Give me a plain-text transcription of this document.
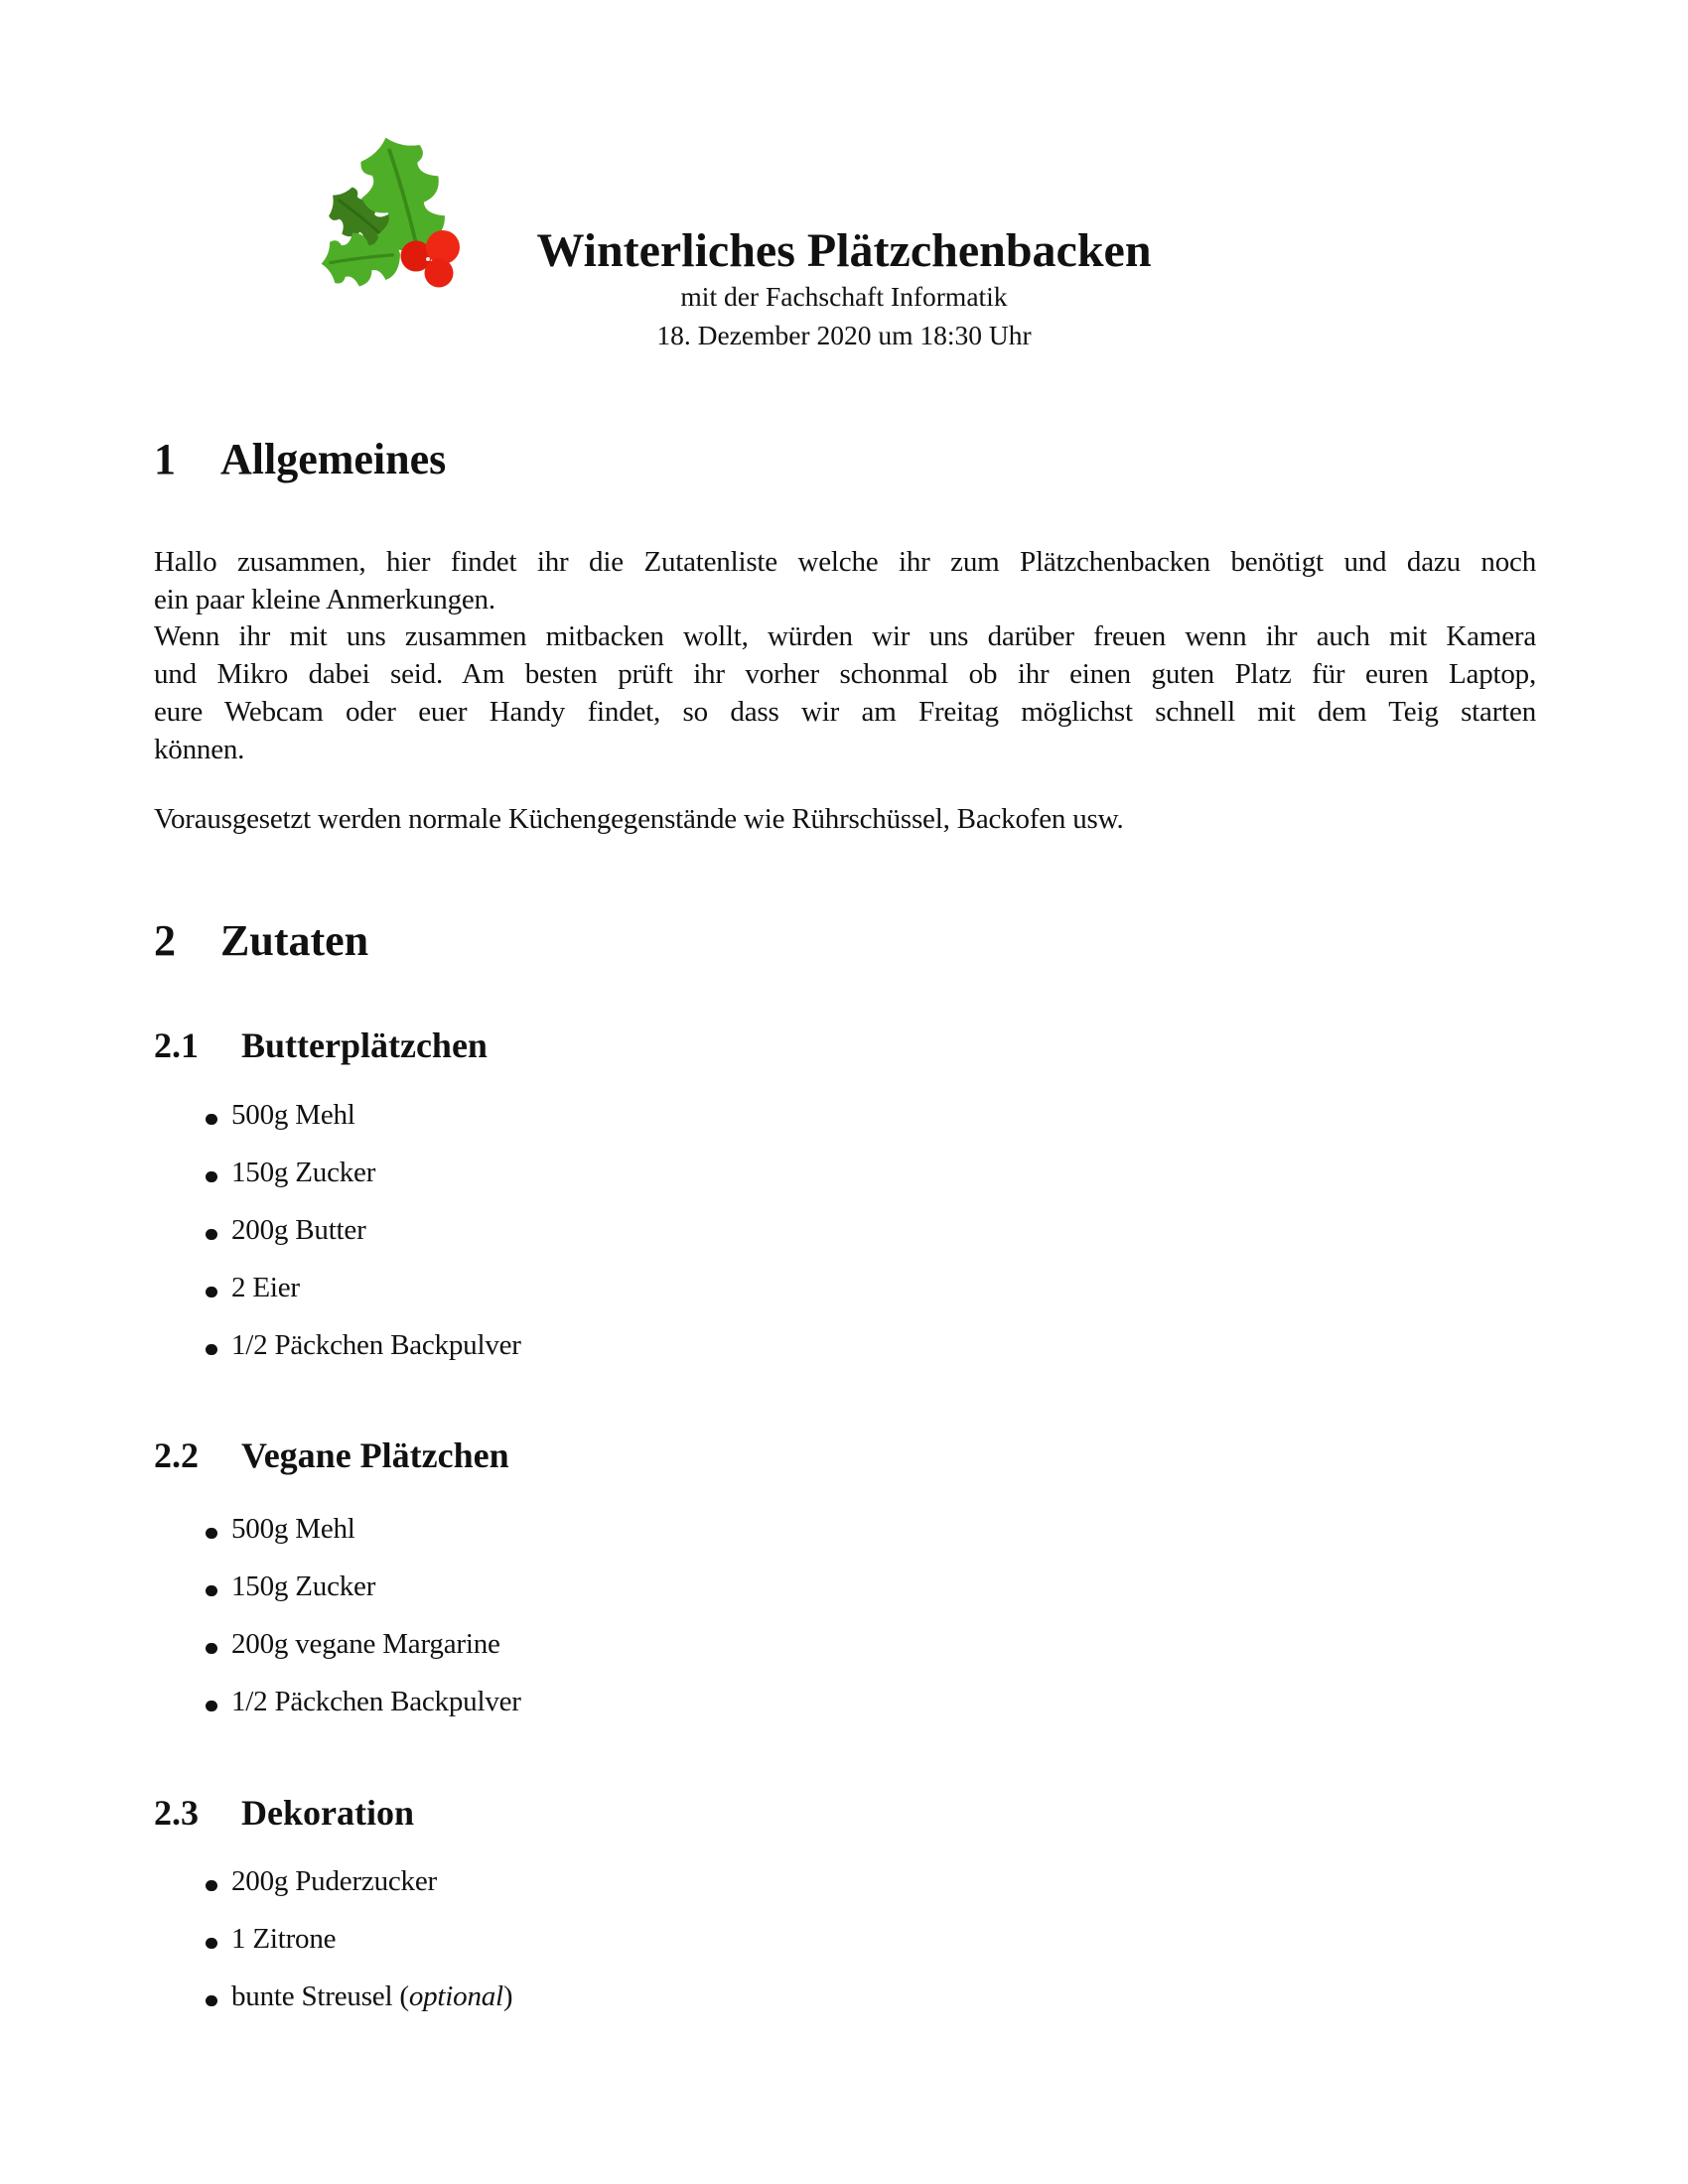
Winterliches Plätzchenbacken
mit der Fachschaft Informatik
18. Dezember 2020 um 18:30 Uhr
1 Allgemeines
Hallo zusammen, hier findet ihr die Zutatenliste welche ihr zum Plätzchenbacken benötigt und dazu noch
ein paar kleine Anmerkungen.
Wenn ihr mit uns zusammen mitbacken wollt, würden wir uns darüber freuen wenn ihr auch mit Kamera
und Mikro dabei seid. Am besten prüft ihr vorher schonmal ob ihr einen guten Platz für euren Laptop,
eure Webcam oder euer Handy findet, so dass wir am Freitag möglichst schnell mit dem Teig starten
können.
Vorausgesetzt werden normale Küchengegenstände wie Rührschüssel, Backofen usw.
2 Zutaten
2.1 Butterplätzchen
500g Mehl
150g Zucker
200g Butter
2 Eier
1/2 Päckchen Backpulver
2.2 Vegane Plätzchen
500g Mehl
150g Zucker
200g vegane Margarine
1/2 Päckchen Backpulver
2.3 Dekoration
200g Puderzucker
1 Zitrone
bunte Streusel (optional)
